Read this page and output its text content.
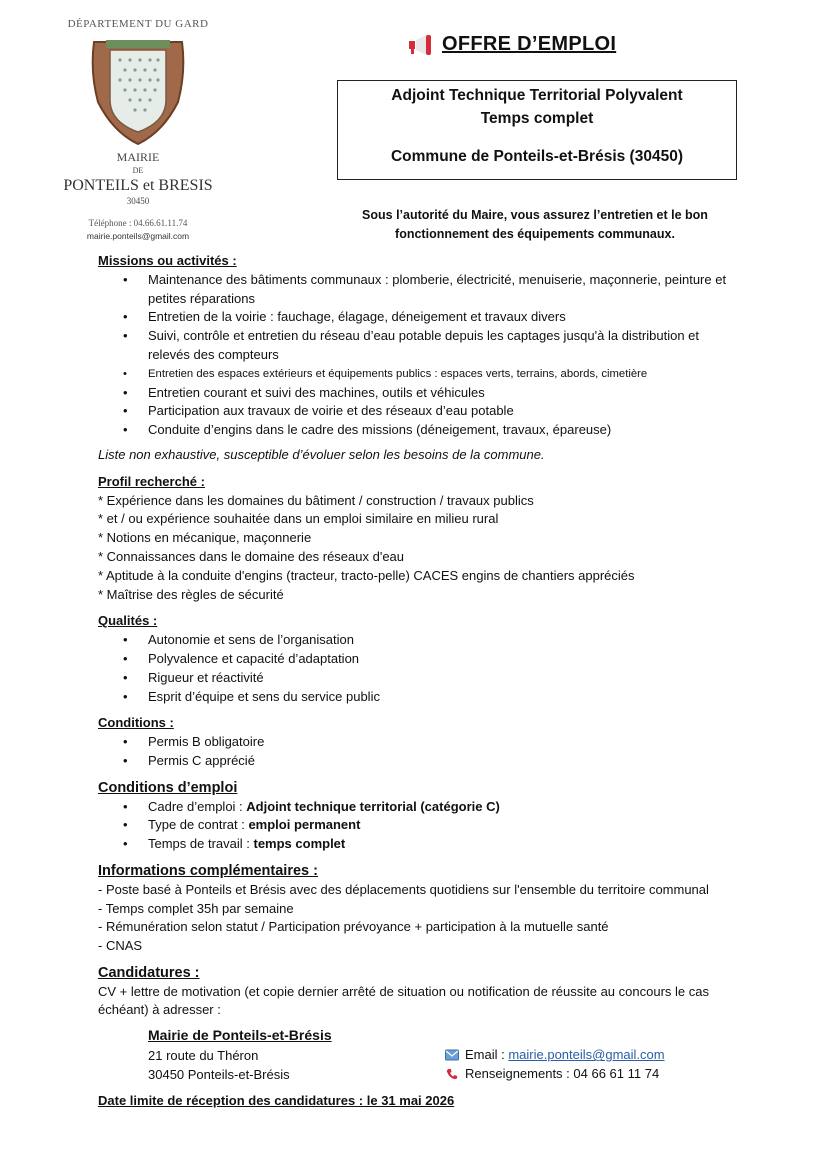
DÉPARTEMENT DU GARD
MAIRIE
DE
PONTEILS et BRESIS
30450
Téléphone : 04.66.61.11.74
mairie.ponteils@gmail.com
OFFRE D’EMPLOI
Adjoint Technique Territorial Polyvalent
Temps complet
Commune de Ponteils-et-Brésis (30450)
Sous l’autorité du Maire, vous assurez l’entretien et le bon fonctionnement des équipements communaux.
Missions ou activités :
• Maintenance des bâtiments communaux : plomberie, électricité, menuiserie, maçonnerie, peinture et petites réparations
• Entretien de la voirie : fauchage, élagage, déneigement et travaux divers
• Suivi, contrôle et entretien du réseau d’eau potable depuis les captages jusqu'à la distribution et relevés des compteurs
• Entretien des espaces extérieurs et équipements publics : espaces verts, terrains, abords, cimetière
• Entretien courant et suivi des machines, outils et véhicules
• Participation aux travaux de voirie et des réseaux d’eau potable
• Conduite d’engins dans le cadre des missions (déneigement, travaux, épareuse)

Liste non exhaustive, susceptible d’évoluer selon les besoins de la commune.

Profil recherché :

* Expérience dans les domaines du bâtiment / construction / travaux publics

* et / ou expérience souhaitée dans un emploi similaire en milieu rural

* Notions en mécanique, maçonnerie

* Connaissances dans le domaine des réseaux d'eau

* Aptitude à la conduite d'engins (tracteur, tracto-pelle) CACES engins de chantiers appréciés

* Maîtrise des règles de sécurité

Qualités :
• Autonomie et sens de l’organisation
• Polyvalence et capacité d’adaptation
• Rigueur et réactivité
• Esprit d’équipe et sens du service public
Conditions :
• Permis B obligatoire
• Permis C apprécié
Conditions d’emploi
• Cadre d’emploi : Adjoint technique territorial (catégorie C)
• Type de contrat : emploi permanent
• Temps de travail : temps complet
Informations complémentaires :

- Poste basé à Ponteils et Brésis avec des déplacements quotidiens sur l'ensemble du territoire communal

- Temps complet 35h par semaine

- Rémunération selon statut / Participation prévoyance + participation à la mutuelle santé

- CNAS

Candidatures :

CV + lettre de motivation (et copie dernier arrêté de situation ou notification de réussite au concours le cas échéant) à adresser :

Mairie de Ponteils-et-Brésis
21 route du Théron
30450 Ponteils-et-Brésis
Email : mairie.ponteils@gmail.com
Renseignements : 04 66 61 11 74
Date limite de réception des candidatures : le 31 mai 2026
